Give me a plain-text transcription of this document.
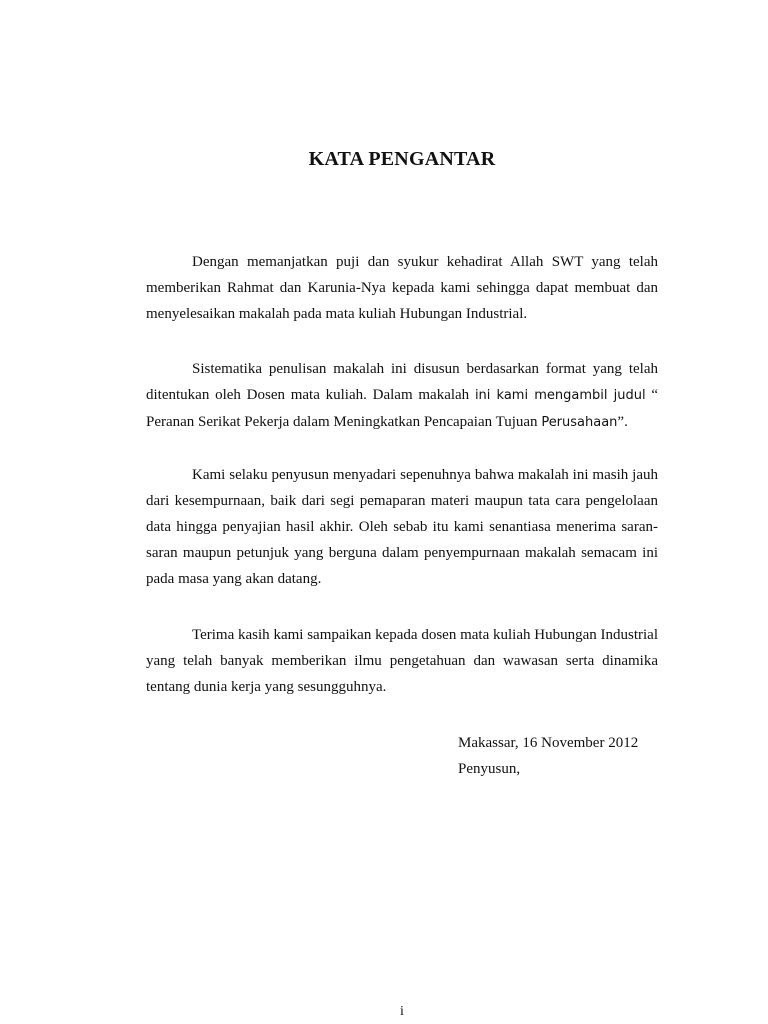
KATA PENGANTAR

Dengan memanjatkan puji dan syukur kehadirat Allah SWT yang telah memberikan Rahmat dan Karunia-Nya kepada kami sehingga dapat membuat dan menyelesaikan makalah pada mata kuliah Hubungan Industrial.

Sistematika penulisan makalah ini disusun berdasarkan format yang telah ditentukan oleh Dosen mata kuliah. Dalam makalah ini kami mengambil judul “ Peranan Serikat Pekerja dalam Meningkatkan Pencapaian Tujuan Perusahaan”.

Kami selaku penyusun menyadari sepenuhnya bahwa makalah ini masih jauh dari kesempurnaan, baik dari segi pemaparan materi maupun tata cara pengelolaan data hingga penyajian hasil akhir. Oleh sebab itu kami senantiasa menerima saran-saran maupun petunjuk yang berguna dalam penyempurnaan makalah semacam ini pada masa yang akan datang.

Terima kasih kami sampaikan kepada dosen mata kuliah Hubungan Industrial yang telah banyak memberikan ilmu pengetahuan dan wawasan serta dinamika tentang dunia kerja yang sesungguhnya.

Makassar, 16 November 2012
Penyusun,
i
